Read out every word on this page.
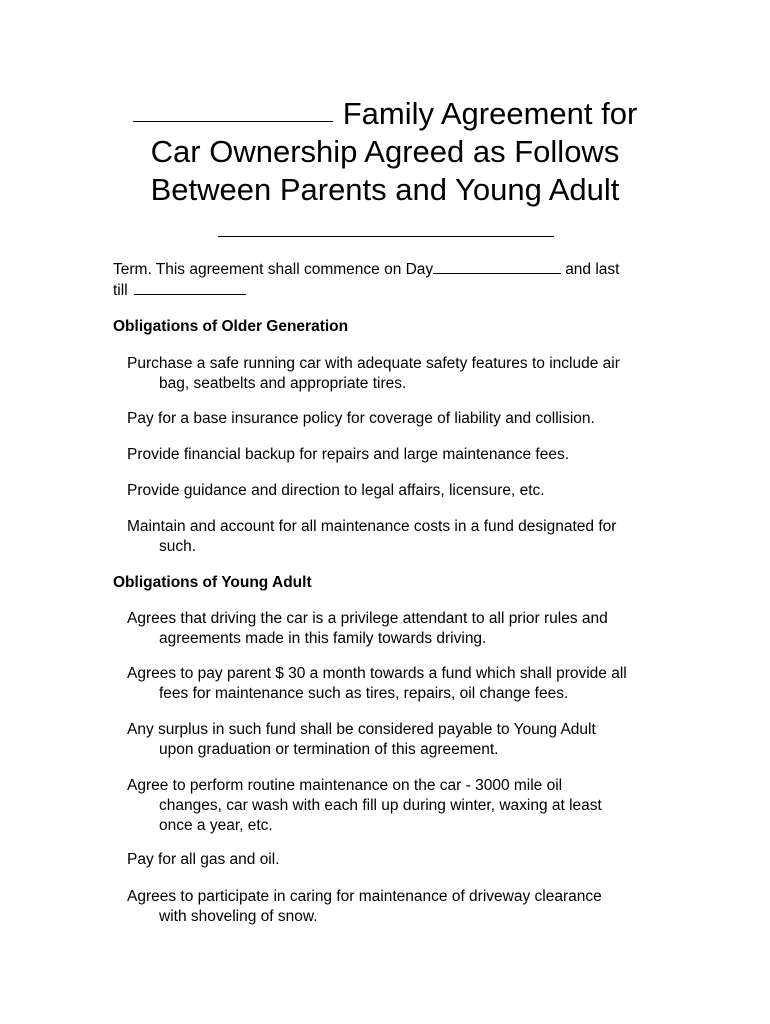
Family Agreement for
Car Ownership Agreed as Follows
Between Parents and Young Adult
Term. This agreement shall commence on Day	and last
till
Obligations of Older Generation
Purchase a safe running car with adequate safety features to include air
bag, seatbelts and appropriate tires.
Pay for a base insurance policy for coverage of liability and collision.
Provide financial backup for repairs and large maintenance fees.
Provide guidance and direction to legal affairs, licensure, etc.
Maintain and account for all maintenance costs in a fund designated for
such.
Obligations of Young Adult
Agrees that driving the car is a privilege attendant to all prior rules and
agreements made in this family towards driving.
Agrees to pay parent $ 30 a month towards a fund which shall provide all
fees for maintenance such as tires, repairs, oil change fees.
Any surplus in such fund shall be considered payable to Young Adult
upon graduation or termination of this agreement.
Agree to perform routine maintenance on the car - 3000 mile oil
changes, car wash with each fill up during winter, waxing at least
once a year, etc.
Pay for all gas and oil.
Agrees to participate in caring for maintenance of driveway clearance
with shoveling of snow.
